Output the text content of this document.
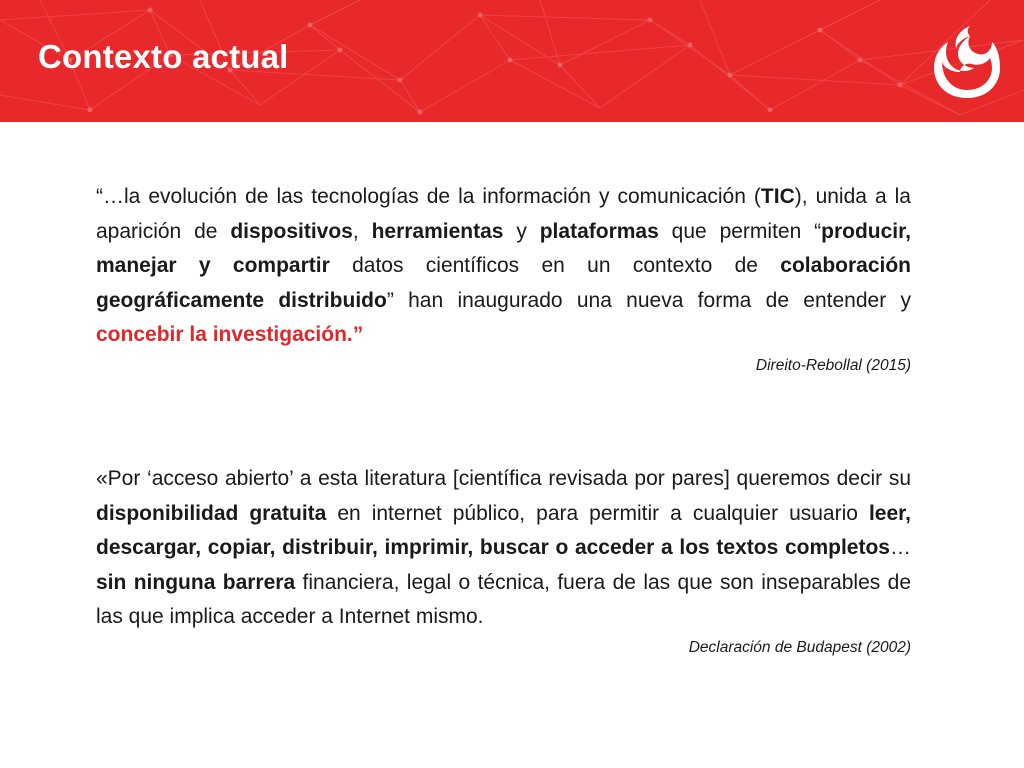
Contexto actual

“…la evolución de las tecnologías de la información y comunicación (TIC), unida a la aparición de dispositivos, herramientas y plataformas que permiten “producir, manejar y compartir datos científicos en un contexto de colaboración geográficamente distribuido” han inaugurado una nueva forma de entender y concebir la investigación.”

Direito-Rebollal (2015)

«Por ‘acceso abierto’ a esta literatura [científica revisada por pares] queremos decir su disponibilidad gratuita en internet público, para permitir a cualquier usuario leer, descargar, copiar, distribuir, imprimir, buscar o acceder a los textos completos… sin ninguna barrera financiera, legal o técnica, fuera de las que son inseparables de las que implica acceder a Internet mismo.

Declaración de Budapest (2002)
